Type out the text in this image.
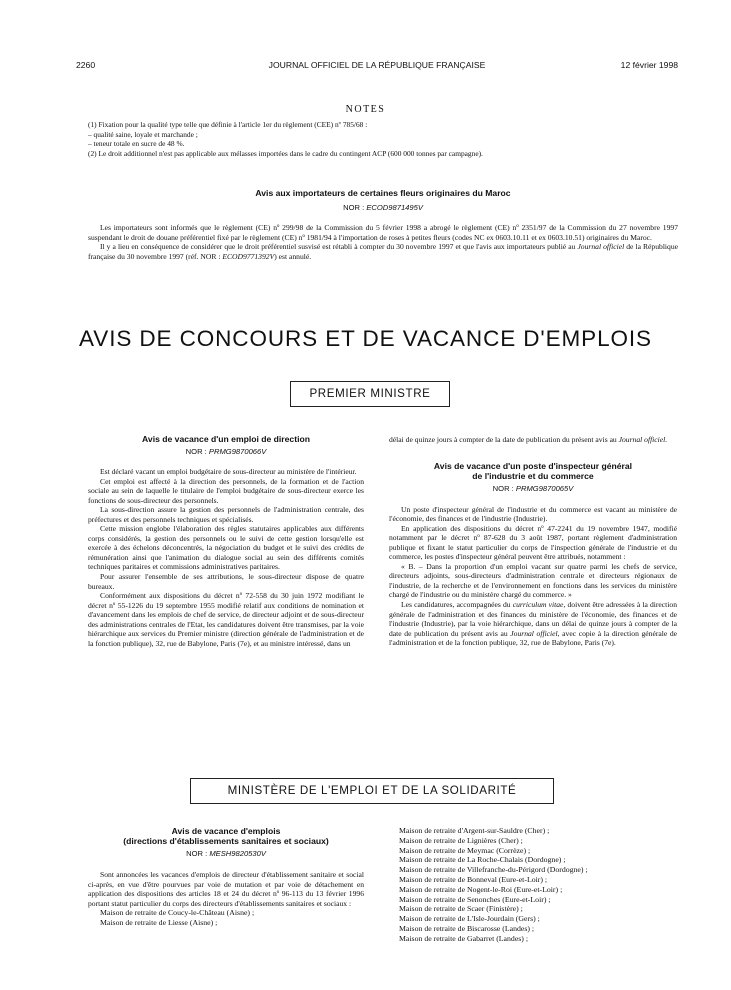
2260	JOURNAL OFFICIEL DE LA RÉPUBLIQUE FRANÇAISE	12 février 1998
NOTES
(1) Fixation pour la qualité type telle que définie à l'article 1er du règlement (CEE) nº 785/68 :
– qualité saine, loyale et marchande ;
– teneur totale en sucre de 48 %.
(2) Le droit additionnel n'est pas applicable aux mélasses importées dans le cadre du contingent ACP (600 000 tonnes par campagne).
Avis aux importateurs de certaines fleurs originaires du Maroc
NOR : ECOD9871495V

Les importateurs sont informés que le règlement (CE) nº 299/98 de la Commission du 5 février 1998 a abrogé le règlement (CE) nº 2351/97 de la Commission du 27 novembre 1997 suspendant le droit de douane préférentiel fixé par le règlement (CE) nº 1981/94 à l'importation de roses à petites fleurs (codes NC ex 0603.10.11 et ex 0603.10.51) originaires du Maroc.

Il y a lieu en conséquence de considérer que le droit préférentiel susvisé est rétabli à compter du 30 novembre 1997 et que l'avis aux importateurs publié au Journal officiel de la République française du 30 novembre 1997 (réf. NOR : ECOD9771392V) est annulé.

AVIS DE CONCOURS ET DE VACANCE D'EMPLOIS
PREMIER MINISTRE
Avis de vacance d'un emploi de direction
NOR : PRMG9870066V

Est déclaré vacant un emploi budgétaire de sous-directeur au ministère de l'intérieur.

Cet emploi est affecté à la direction des personnels, de la formation et de l'action sociale au sein de laquelle le titulaire de l'emploi budgétaire de sous-directeur exerce les fonctions de sous-directeur des personnels.

La sous-direction assure la gestion des personnels de l'administration centrale, des préfectures et des personnels techniques et spécialisés.

Cette mission englobe l'élaboration des règles statutaires applicables aux différents corps considérés, la gestion des personnels ou le suivi de cette gestion lorsqu'elle est exercée à des échelons déconcentrés, la négociation du budget et le suivi des crédits de rémunération ainsi que l'animation du dialogue social au sein des différents comités techniques paritaires et commissions administratives paritaires.

Pour assurer l'ensemble de ses attributions, le sous-directeur dispose de quatre bureaux.

Conformément aux dispositions du décret nº 72-558 du 30 juin 1972 modifiant le décret nº 55-1226 du 19 septembre 1955 modifié relatif aux conditions de nomination et d'avancement dans les emplois de chef de service, de directeur adjoint et de sous-directeur des administrations centrales de l'Etat, les candidatures doivent être transmises, par la voie hiérarchique aux services du Premier ministre (direction générale de l'administration et de la fonction publique), 32, rue de Babylone, Paris (7e), et au ministre intéressé, dans un

délai de quinze jours à compter de la date de publication du présent avis au Journal officiel.

Avis de vacance d'un poste d'inspecteur général
de l'industrie et du commerce
NOR : PRMG9870065V

Un poste d'inspecteur général de l'industrie et du commerce est vacant au ministère de l'économie, des finances et de l'industrie (Industrie).

En application des dispositions du décret nº 47-2241 du 19 novembre 1947, modifié notamment par le décret nº 87-628 du 3 août 1987, portant règlement d'administration publique et fixant le statut particulier du corps de l'inspection générale de l'industrie et du commerce, les postes d'inspecteur général peuvent être attribués, notamment :

« B. – Dans la proportion d'un emploi vacant sur quatre parmi les chefs de service, directeurs adjoints, sous-directeurs d'administration centrale et directeurs régionaux de l'industrie, de la recherche et de l'environnement en fonctions dans les services du ministère chargé de l'industrie ou du ministère chargé du commerce. »

Les candidatures, accompagnées du curriculum vitae, doivent être adressées à la direction générale de l'administration et des finances du ministère de l'économie, des finances et de l'industrie (Industrie), par la voie hiérarchique, dans un délai de quinze jours à compter de la date de publication du présent avis au Journal officiel, avec copie à la direction générale de l'administration et de la fonction publique, 32, rue de Babylone, Paris (7e).

MINISTÈRE DE L'EMPLOI ET DE LA SOLIDARITÉ
Avis de vacance d'emplois
(directions d'établissements sanitaires et sociaux)
NOR : MESH9820530V

Sont annoncées les vacances d'emplois de directeur d'établissement sanitaire et social ci-après, en vue d'être pourvues par voie de mutation et par voie de détachement en application des dispositions des articles 18 et 24 du décret nº 96-113 du 13 février 1996 portant statut particulier du corps des directeurs d'établissements sanitaires et sociaux :

Maison de retraite de Coucy-le-Château (Aisne) ;
Maison de retraite de Liesse (Aisne) ;
Maison de retraite d'Argent-sur-Sauldre (Cher) ;
Maison de retraite de Lignières (Cher) ;
Maison de retraite de Meymac (Corrèze) ;
Maison de retraite de La Roche-Chalais (Dordogne) ;
Maison de retraite de Villefranche-du-Périgord (Dordogne) ;
Maison de retraite de Bonneval (Eure-et-Loir) ;
Maison de retraite de Nogent-le-Roi (Eure-et-Loir) ;
Maison de retraite de Senonches (Eure-et-Loir) ;
Maison de retraite de Scaer (Finistère) ;
Maison de retraite de L'Isle-Jourdain (Gers) ;
Maison de retraite de Biscarosse (Landes) ;
Maison de retraite de Gabarret (Landes) ;
